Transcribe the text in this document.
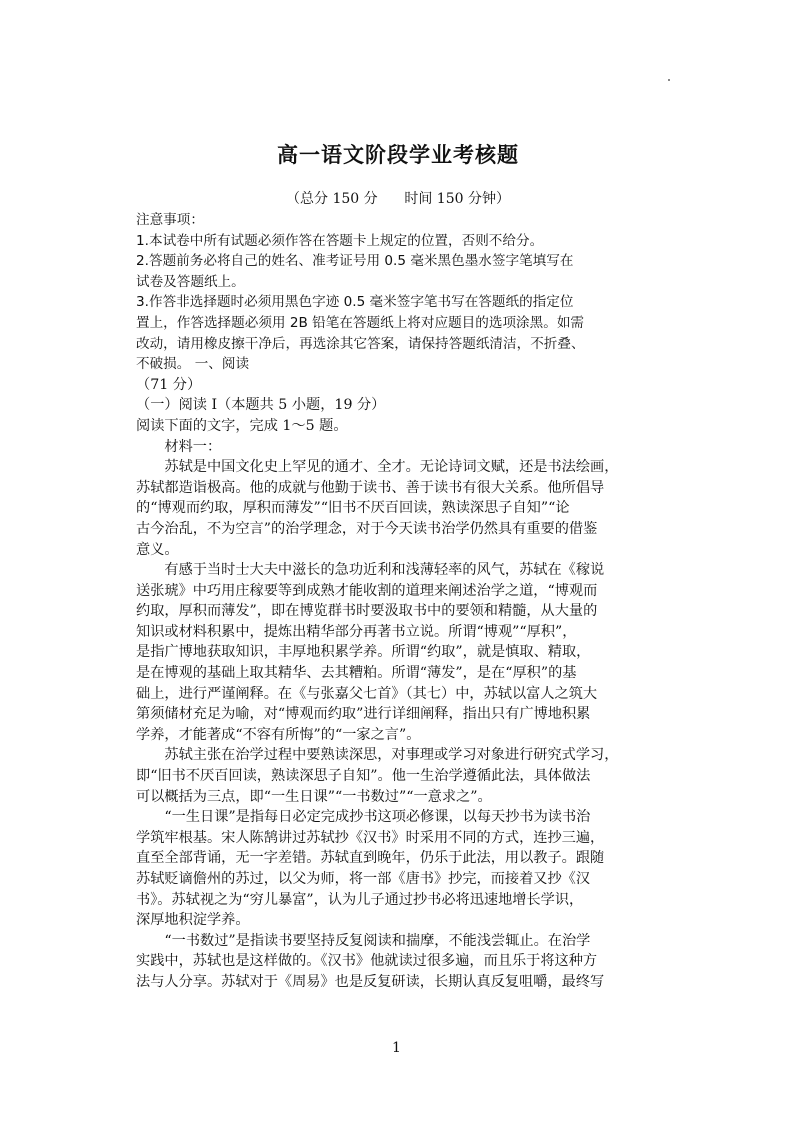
高一语文阶段学业考核题

（总分 150 分      时间 150 分钟）

注意事项：

1.本试卷中所有试题必须作答在答题卡上规定的位置，否则不给分。

2.答题前务必将自己的姓名、准考证号用 0.5 毫米黑色墨水签字笔填写在

试卷及答题纸上。

3.作答非选择题时必须用黑色字迹 0.5 毫米签字笔书写在答题纸的指定位

置上，作答选择题必须用 2B 铅笔在答题纸上将对应题目的选项涂黑。如需

改动，请用橡皮擦干净后，再选涂其它答案，请保持答题纸清洁，不折叠、

不破损。 一、阅读

（71 分）

（一）阅读 I（本题共 5 小题，19 分）

阅读下面的文字，完成 1～5 题。

材料一：

苏轼是中国文化史上罕见的通才、全才。无论诗词文赋，还是书法绘画，

苏轼都造诣极高。他的成就与他勤于读书、善于读书有很大关系。他所倡导

的“博观而约取，厚积而薄发”“旧书不厌百回读，熟读深思子自知”“论

古今治乱，不为空言”的治学理念，对于今天读书治学仍然具有重要的借鉴

意义。

有感于当时士大夫中滋长的急功近利和浅薄轻率的风气，苏轼在《稼说

送张琥》中巧用庄稼要等到成熟才能收割的道理来阐述治学之道，“博观而

约取，厚积而薄发”，即在博览群书时要汲取书中的要领和精髓，从大量的

知识或材料积累中，提炼出精华部分再著书立说。所谓“博观”“厚积”，

是指广博地获取知识，丰厚地积累学养。所谓“约取”，就是慎取、精取，

是在博观的基础上取其精华、去其糟粕。所谓“薄发”，是在“厚积”的基

础上，进行严谨阐释。在《与张嘉父七首》（其七）中，苏轼以富人之筑大

第须储材充足为喻，对“博观而约取”进行详细阐释，指出只有广博地积累

学养，才能著成“不容有所悔”的“一家之言”。

苏轼主张在治学过程中要熟读深思，对事理或学习对象进行研究式学习，

即“旧书不厌百回读，熟读深思子自知”。他一生治学遵循此法，具体做法

可以概括为三点，即“一生日课”“一书数过”“一意求之”。

“一生日课”是指每日必定完成抄书这项必修课，以每天抄书为读书治

学筑牢根基。宋人陈鹄讲过苏轼抄《汉书》时采用不同的方式，连抄三遍，

直至全部背诵，无一字差错。苏轼直到晚年，仍乐于此法，用以教子。跟随

苏轼贬谪儋州的苏过，以父为师，将一部《唐书》抄完，而接着又抄《汉

书》。苏轼视之为“穷儿暴富”，认为儿子通过抄书必将迅速地增长学识，

深厚地积淀学养。

“一书数过”是指读书要坚持反复阅读和揣摩，不能浅尝辄止。在治学

实践中，苏轼也是这样做的。《汉书》他就读过很多遍，而且乐于将这种方

法与人分享。苏轼对于《周易》也是反复研读，长期认真反复咀嚼，最终写

1
